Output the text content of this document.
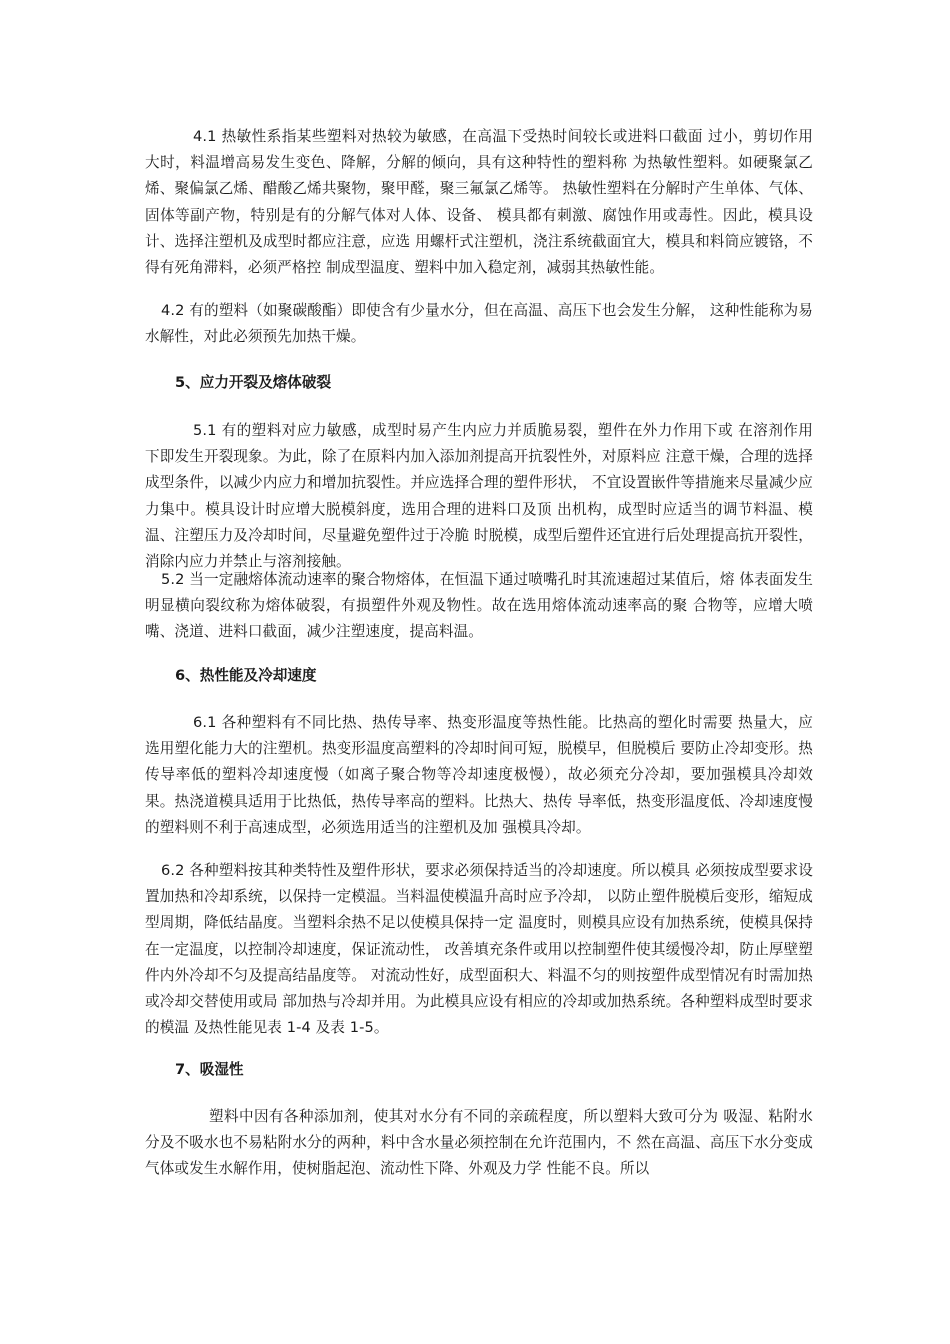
4.1 热敏性系指某些塑料对热较为敏感，在高温下受热时间较长或进料口截面 过小，剪切作用大时，料温增高易发生变色、降解，分解的倾向，具有这种特性的塑料称 为热敏性塑料。如硬聚氯乙烯、聚偏氯乙烯、醋酸乙烯共聚物，聚甲醛，聚三氟氯乙烯等。 热敏性塑料在分解时产生单体、气体、固体等副产物，特别是有的分解气体对人体、设备、 模具都有刺激、腐蚀作用或毒性。因此，模具设计、选择注塑机及成型时都应注意，应选 用螺杆式注塑机，浇注系统截面宜大，模具和料筒应镀铬，不得有死角滞料，必须严格控 制成型温度、塑料中加入稳定剂，减弱其热敏性能。

4.2 有的塑料（如聚碳酸酯）即使含有少量水分，但在高温、高压下也会发生分解， 这种性能称为易水解性，对此必须预先加热干燥。

5、应力开裂及熔体破裂

5.1 有的塑料对应力敏感，成型时易产生内应力并质脆易裂，塑件在外力作用下或 在溶剂作用下即发生开裂现象。为此，除了在原料内加入添加剂提高开抗裂性外，对原料应 注意干燥，合理的选择成型条件，以减少内应力和增加抗裂性。并应选择合理的塑件形状， 不宜设置嵌件等措施来尽量减少应力集中。模具设计时应增大脱模斜度，选用合理的进料口及顶 出机构，成型时应适当的调节料温、模温、注塑压力及冷却时间，尽量避免塑件过于冷脆 时脱模，成型后塑件还宜进行后处理提高抗开裂性，消除内应力并禁止与溶剂接触。

5.2 当一定融熔体流动速率的聚合物熔体，在恒温下通过喷嘴孔时其流速超过某值后，熔 体表面发生明显横向裂纹称为熔体破裂，有损塑件外观及物性。故在选用熔体流动速率高的聚 合物等，应增大喷嘴、浇道、进料口截面，减少注塑速度，提高料温。

6、热性能及冷却速度

6.1 各种塑料有不同比热、热传导率、热变形温度等热性能。比热高的塑化时需要 热量大，应选用塑化能力大的注塑机。热变形温度高塑料的冷却时间可短，脱模早，但脱模后 要防止冷却变形。热传导率低的塑料冷却速度慢（如离子聚合物等冷却速度极慢），故必须充分冷却，要加强模具冷却效果。热浇道模具适用于比热低，热传导率高的塑料。比热大、热传 导率低，热变形温度低、冷却速度慢的塑料则不利于高速成型，必须选用适当的注塑机及加 强模具冷却。

6.2 各种塑料按其种类特性及塑件形状，要求必须保持适当的冷却速度。所以模具 必须按成型要求设置加热和冷却系统，以保持一定模温。当料温使模温升高时应予冷却， 以防止塑件脱模后变形，缩短成型周期，降低结晶度。当塑料余热不足以使模具保持一定 温度时，则模具应设有加热系统，使模具保持在一定温度，以控制冷却速度，保证流动性， 改善填充条件或用以控制塑件使其缓慢冷却，防止厚壁塑件内外冷却不匀及提高结晶度等。 对流动性好，成型面积大、料温不匀的则按塑件成型情况有时需加热或冷却交替使用或局 部加热与冷却并用。为此模具应设有相应的冷却或加热系统。各种塑料成型时要求的模温 及热性能见表 1-4 及表 1-5。

7、吸湿性

塑料中因有各种添加剂，使其对水分有不同的亲疏程度，所以塑料大致可分为 吸湿、粘附水分及不吸水也不易粘附水分的两种，料中含水量必须控制在允许范围内，不 然在高温、高压下水分变成气体或发生水解作用，使树脂起泡、流动性下降、外观及力学 性能不良。所以
